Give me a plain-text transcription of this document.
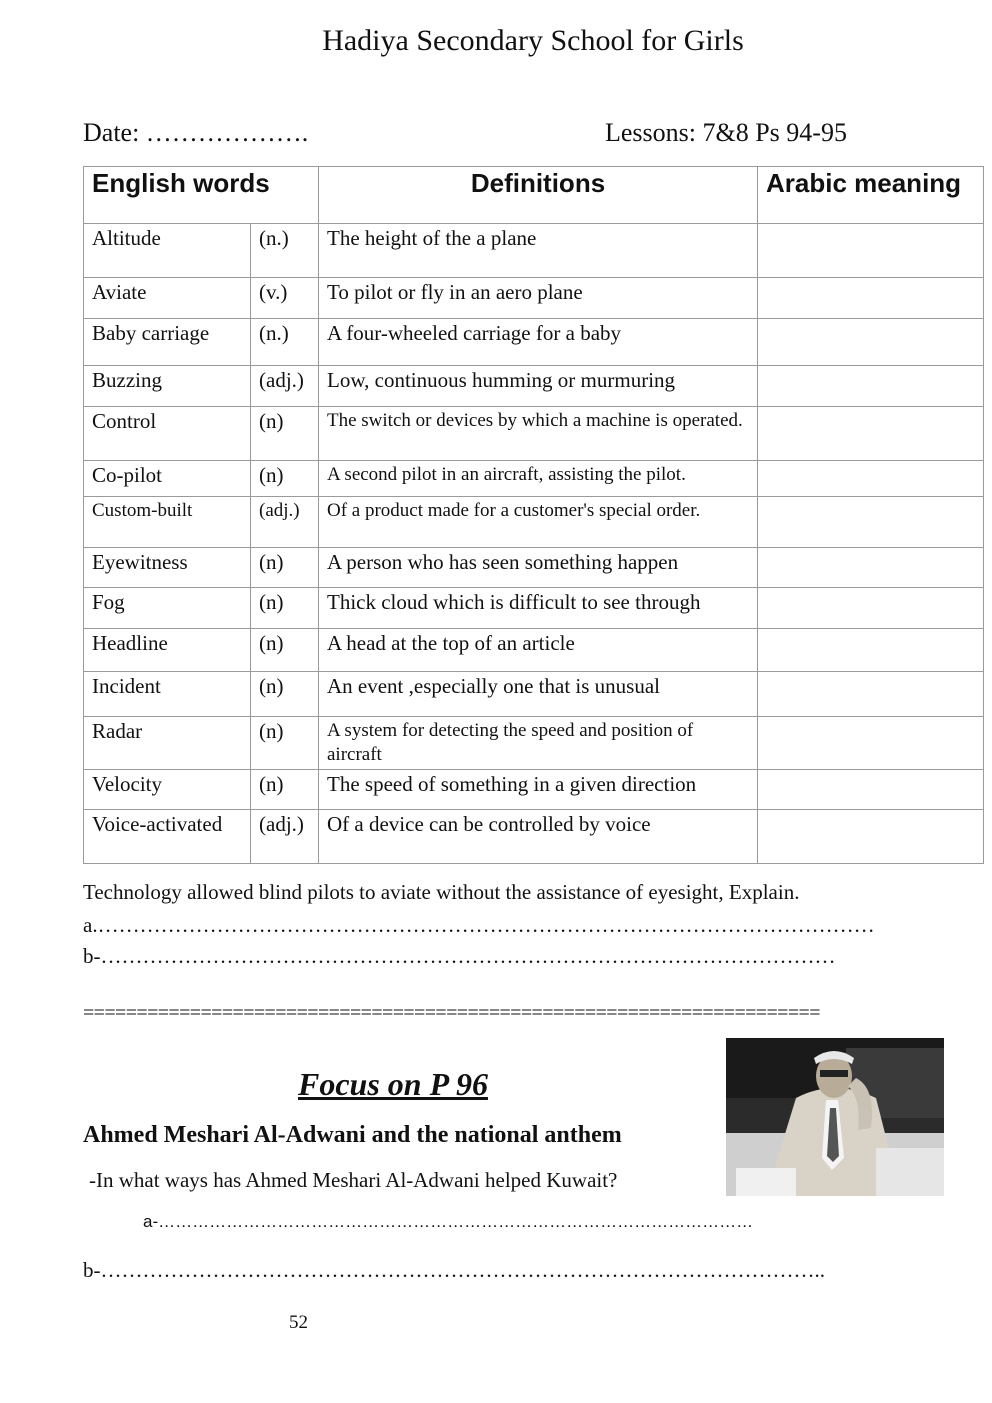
Hadiya Secondary School for Girls
Date: ……………….	Lessons: 7&8 Ps 94-95
English words		Definitions	Arabic meaning
Altitude	(n.)	The height of the a plane	
Aviate	(v.)	To pilot or fly in an aero plane	
Baby carriage	(n.)	A four-wheeled carriage for a baby	
Buzzing	(adj.)	Low, continuous humming or murmuring	
Control	(n)	The switch or devices by which a machine is operated.	
Co-pilot	(n)	A second pilot in an aircraft, assisting the pilot.	
Custom-built	(adj.)	Of a product made for a customer's special order.	
Eyewitness	(n)	A person who has seen something happen	
Fog	(n)	Thick cloud which is difficult to see through	
Headline	(n)	A head at the top of an article	
Incident	(n)	An event ,especially one that is unusual	
Radar	(n)	A system for detecting the speed and position of aircraft	
Velocity	(n)	The speed of something in a given direction	
Voice-activated	(adj.)	Of a device can be controlled by voice	
Technology allowed blind pilots to aviate without the assistance of eyesight, Explain.
a.…………………………………………………………………………………………………
b-……………………………………………………………………………………………
=====================================================================
Focus on P 96
Ahmed Meshari Al-Adwani and the national anthem
-In what ways has Ahmed Meshari Al-Adwani helped Kuwait?
a-……………………………………………………………………………………………
b-…………………………………………………………………………………………..
52
